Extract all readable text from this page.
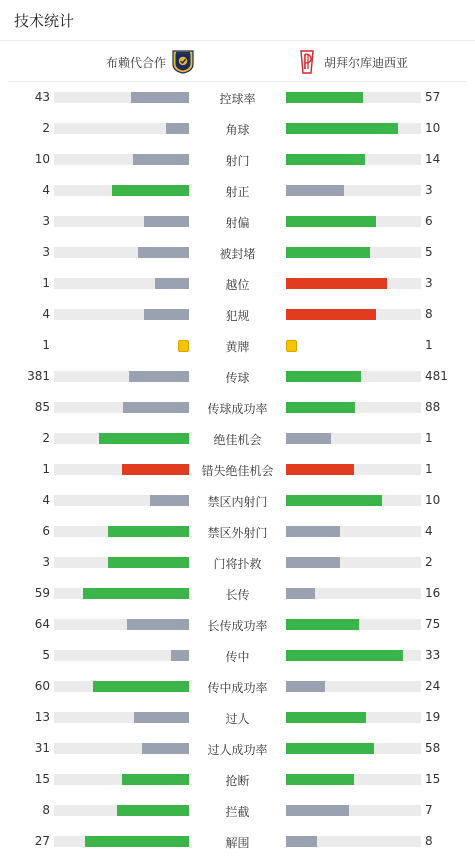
技术统计
布赖代合作	胡拜尔库迪西亚
43	控球率	57
2	角球	10
10	射门	14
4	射正	3
3	射偏	6
3	被封堵	5
1	越位	3
4	犯规	8
1	黄牌	1
381	传球	481
85	传球成功率	88
2	绝佳机会	1
1	错失绝佳机会	1
4	禁区内射门	10
6	禁区外射门	4
3	门将扑救	2
59	长传	16
64	长传成功率	75
5	传中	33
60	传中成功率	24
13	过人	19
31	过人成功率	58
15	抢断	15
8	拦截	7
27	解围	8
